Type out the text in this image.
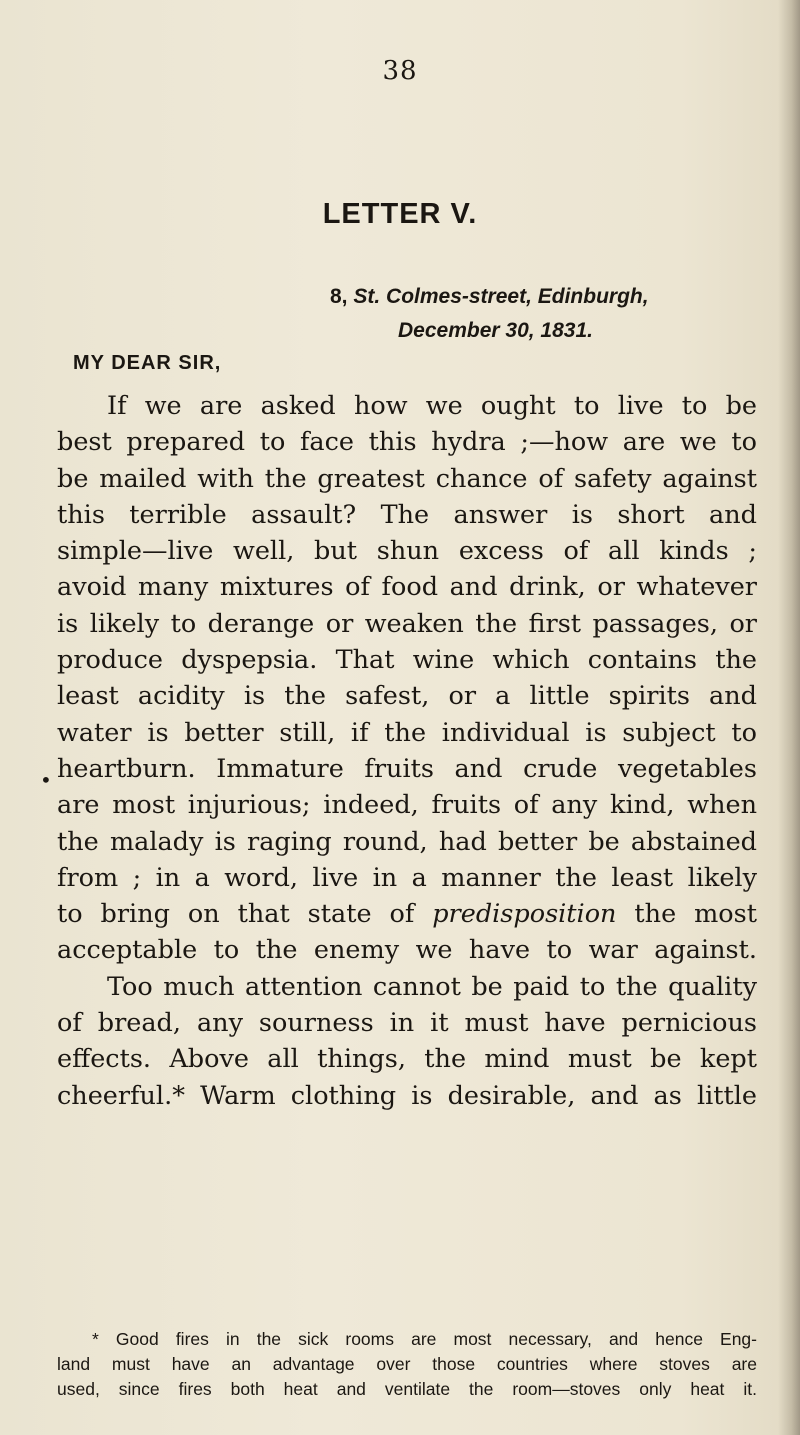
38
LETTER V.
8, St. Colmes-street, Edinburgh,
December 30, 1831.
MY DEAR SIR,
•
If we are asked how we ought to live to be
best prepared to face this hydra ;—how are we to
be mailed with the greatest chance of safety against
this terrible assault? The answer is short and
simple—live well, but shun excess of all kinds ;
avoid many mixtures of food and drink, or whatever
is likely to derange or weaken the first passages, or
produce dyspepsia. That wine which contains the
least acidity is the safest, or a little spirits and
water is better still, if the individual is subject to
heartburn. Immature fruits and crude vegetables
are most injurious; indeed, fruits of any kind, when
the malady is raging round, had better be abstained
from ; in a word, live in a manner the least likely
to bring on that state of predisposition the most
acceptable to the enemy we have to war against.
Too much attention cannot be paid to the quality
of bread, any sourness in it must have pernicious
effects. Above all things, the mind must be kept
cheerful.* Warm clothing is desirable, and as little
* Good fires in the sick rooms are most necessary, and hence Eng-
land must have an advantage over those countries where stoves are
used, since fires both heat and ventilate the room—stoves only heat it.
